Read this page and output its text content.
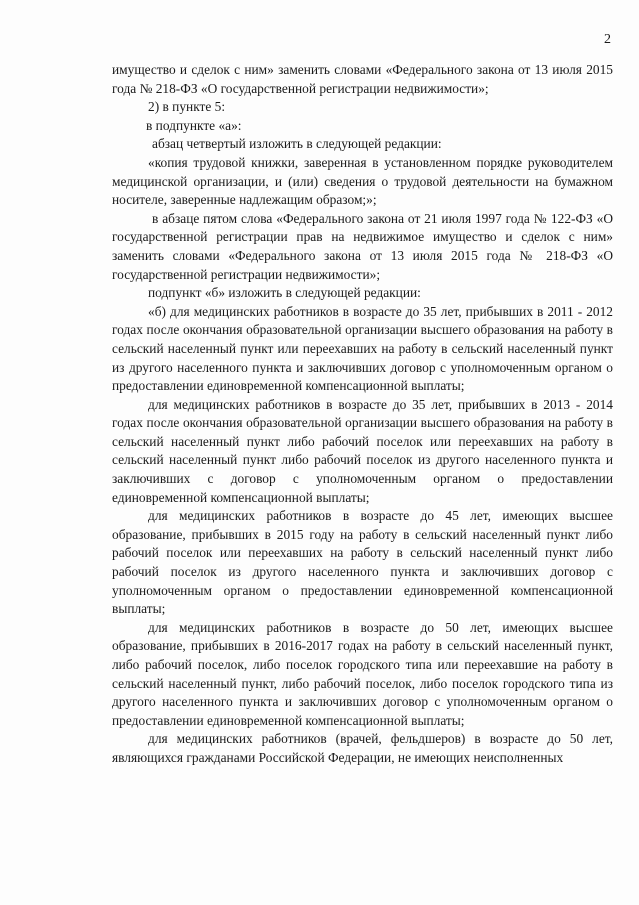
2

имущество и сделок с ним» заменить словами «Федерального закона от 13 июля 2015 года № 218-ФЗ «О государственной регистрации недвижимости»;

2) в пункте 5:

в подпункте «а»:

абзац четвертый изложить в следующей редакции:

«копия трудовой книжки, заверенная в установленном порядке руководителем медицинской организации, и (или) сведения о трудовой деятельности на бумажном носителе, заверенные надлежащим образом;»;

в абзаце пятом слова «Федерального закона от 21 июля 1997 года № 122-ФЗ «О государственной регистрации прав на недвижимое имущество и сделок с ним» заменить словами «Федерального закона от 13 июля 2015 года № 218-ФЗ «О государственной регистрации недвижимости»;

подпункт «б» изложить в следующей редакции:

«б) для медицинских работников в возрасте до 35 лет, прибывших в 2011 - 2012 годах после окончания образовательной организации высшего образования на работу в сельский населенный пункт или переехавших на работу в сельский населенный пункт из другого населенного пункта и заключивших договор с уполномоченным органом о предоставлении единовременной компенсационной выплаты;

для медицинских работников в возрасте до 35 лет, прибывших в 2013 - 2014 годах после окончания образовательной организации высшего образования на работу в сельский населенный пункт либо рабочий поселок или переехавших на работу в сельский населенный пункт либо рабочий поселок из другого населенного пункта и заключивших с договор с уполномоченным органом о предоставлении единовременной компенсационной выплаты;

для медицинских работников в возрасте до 45 лет, имеющих высшее образование, прибывших в 2015 году на работу в сельский населенный пункт либо рабочий поселок или переехавших на работу в сельский населенный пункт либо рабочий поселок из другого населенного пункта и заключивших договор с уполномоченным органом о предоставлении единовременной компенсационной выплаты;

для медицинских работников в возрасте до 50 лет, имеющих высшее образование, прибывших в 2016-2017 годах на работу в сельский населенный пункт, либо рабочий поселок, либо поселок городского типа или переехавшие на работу в сельский населенный пункт, либо рабочий поселок, либо поселок городского типа из другого населенного пункта и заключивших договор с уполномоченным органом о предоставлении единовременной компенсационной выплаты;

для медицинских работников (врачей, фельдшеров) в возрасте до 50 лет, являющихся гражданами Российской Федерации, не имеющих неисполненных
